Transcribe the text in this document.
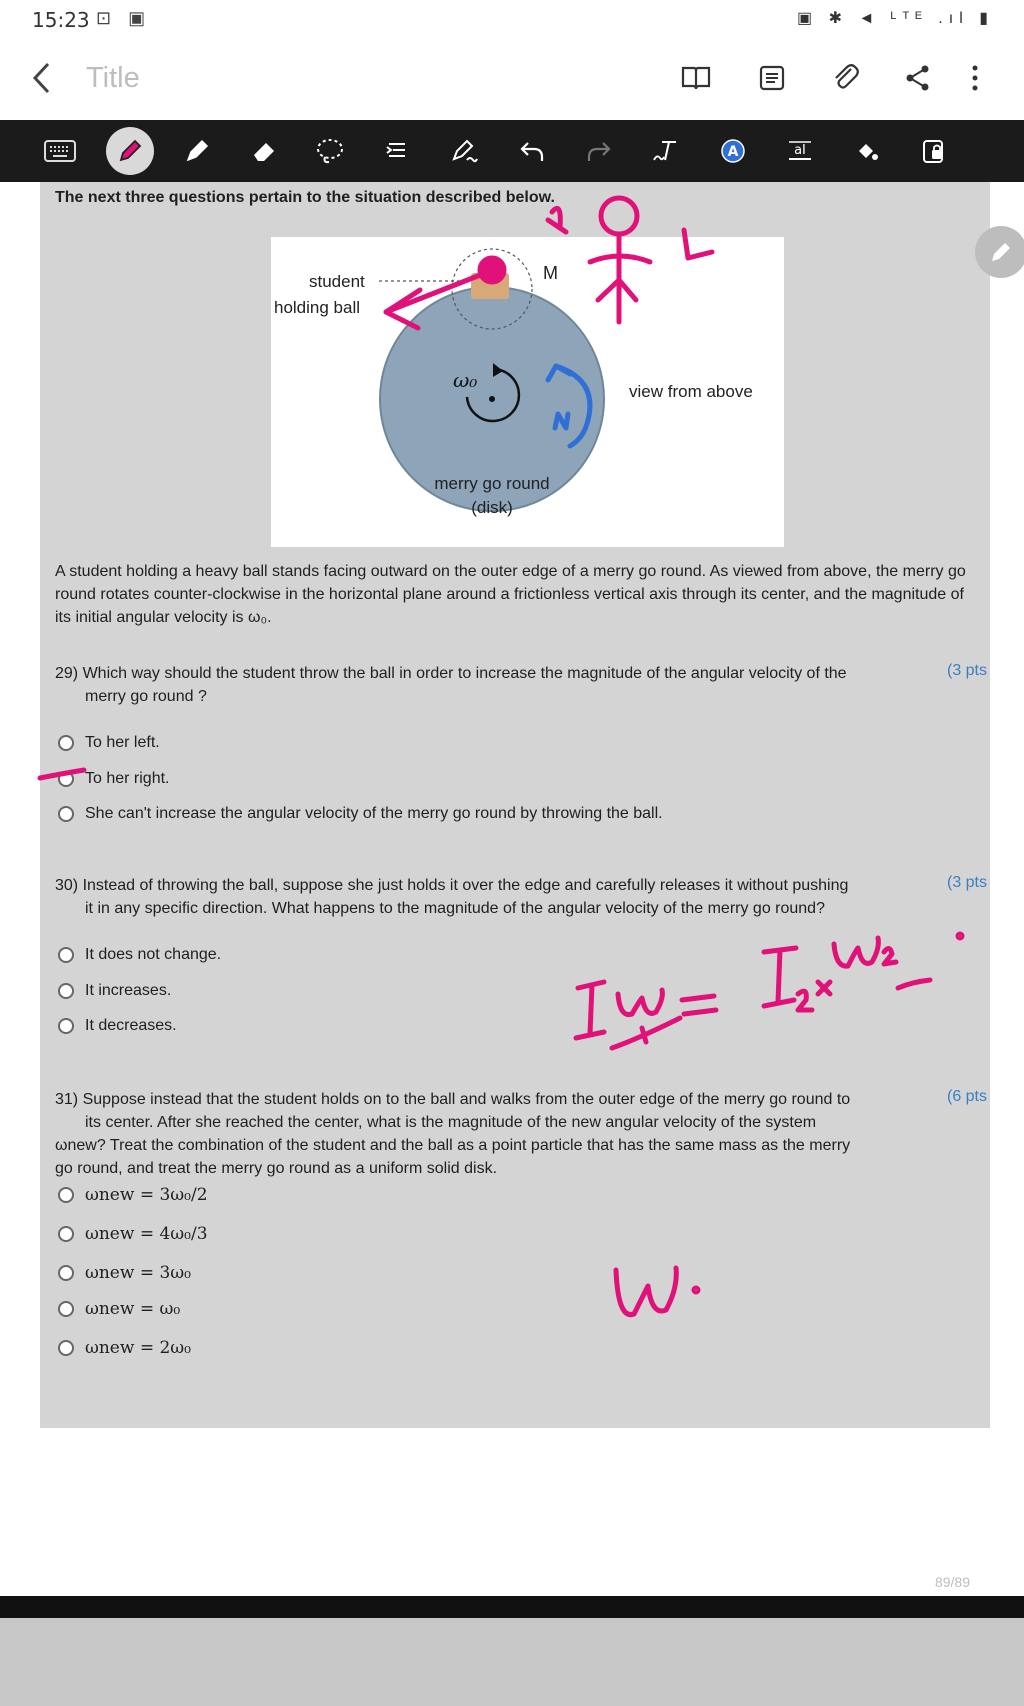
15:23 ⊡ ▣	▣ ✱ ◄ ᴸᵀᴱ .ıl ▮
Title
A	aI
The next three questions pertain to the situation described below.
student
holding ball
M
ω₀	view from above
merry go round
(disk)
A student holding a heavy ball stands facing outward on the outer edge of a merry go round. As viewed from above, the merry go round rotates counter-clockwise in the horizontal plane around a frictionless vertical axis through its center, and the magnitude of its initial angular velocity is ω₀.
29) Which way should the student throw the ball in order to increase the magnitude of the angular velocity of the
merry go round ?
(3 pts
To her left.
To her right.
She can't increase the angular velocity of the merry go round by throwing the ball.
30) Instead of throwing the ball, suppose she just holds it over the edge and carefully releases it without pushing
it in any specific direction. What happens to the magnitude of the angular velocity of the merry go round?
(3 pts
It does not change.
It increases.
It decreases.
31) Suppose instead that the student holds on to the ball and walks from the outer edge of the merry go round to
its center. After she reached the center, what is the magnitude of the new angular velocity of the system
ωnew? Treat the combination of the student and the ball as a point particle that has the same mass as the merry
go round, and treat the merry go round as a uniform solid disk.
(6 pts
ωnew = 3ω₀/2
ωnew = 4ω₀/3
ωnew = 3ω₀
ωnew = ω₀
ωnew = 2ω₀
89/89
